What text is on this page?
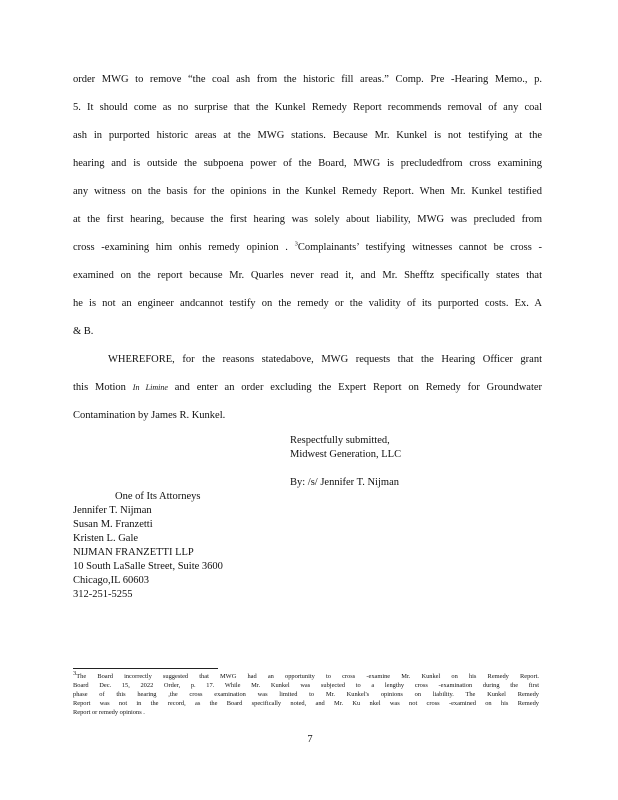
order MWG to remove “the coal ash from the historic fill areas.” Comp. Pre -Hearing Memo., p.
5. It should come as no surprise that the Kunkel Remedy Report recommends removal of any coal
ash in purported historic areas at the MWG stations. Because Mr. Kunkel is not testifying at the
hearing and is outside the subpoena power of the Board, MWG is precludedfrom cross examining
any witness on the basis for the opinions in the Kunkel Remedy Report. When Mr. Kunkel testified
at the first hearing, because the first hearing was solely about liability, MWG was precluded from
cross -examining him onhis remedy opinion . $^3$Complainants’ testifying witnesses cannot be cross -
examined on the report because Mr. Quarles never read it, and Mr. Shefftz specifically states that
he is not an engineer andcannot testify on the remedy or the validity of its purported costs. Ex. A
& B.
WHEREFORE, for the reasons statedabove, MWG requests that the Hearing Officer grant
this Motion In Limine and enter an order excluding the Expert Report on Remedy for Groundwater
Contamination by James R. Kunkel.
Respectfully submitted,
Midwest Generation, LLC
By: /s/ Jennifer T. Nijman
One of Its Attorneys
Jennifer T. Nijman
Susan M. Franzetti
Kristen L. Gale
NIJMAN FRANZETTI LLP
10 South LaSalle Street, Suite 3600
Chicago,IL 60603
312-251-5255
3The Board incorrectly suggested that MWG had an opportunity to cross -examine Mr. Kunkel on his Remedy Report.
Board Dec. 15, 2022 Order, p. 17. While Mr. Kunkel was subjected to a lengthy cross -examination during the first
phase of this hearing ,the cross examination was limited to Mr. Kunkel's opinions on liability. The Kunkel Remedy
Report was not in the record, as the Board specifically noted, and Mr. Ku nkel was not cross -examined on his Remedy
Report or remedy opinions .
7
